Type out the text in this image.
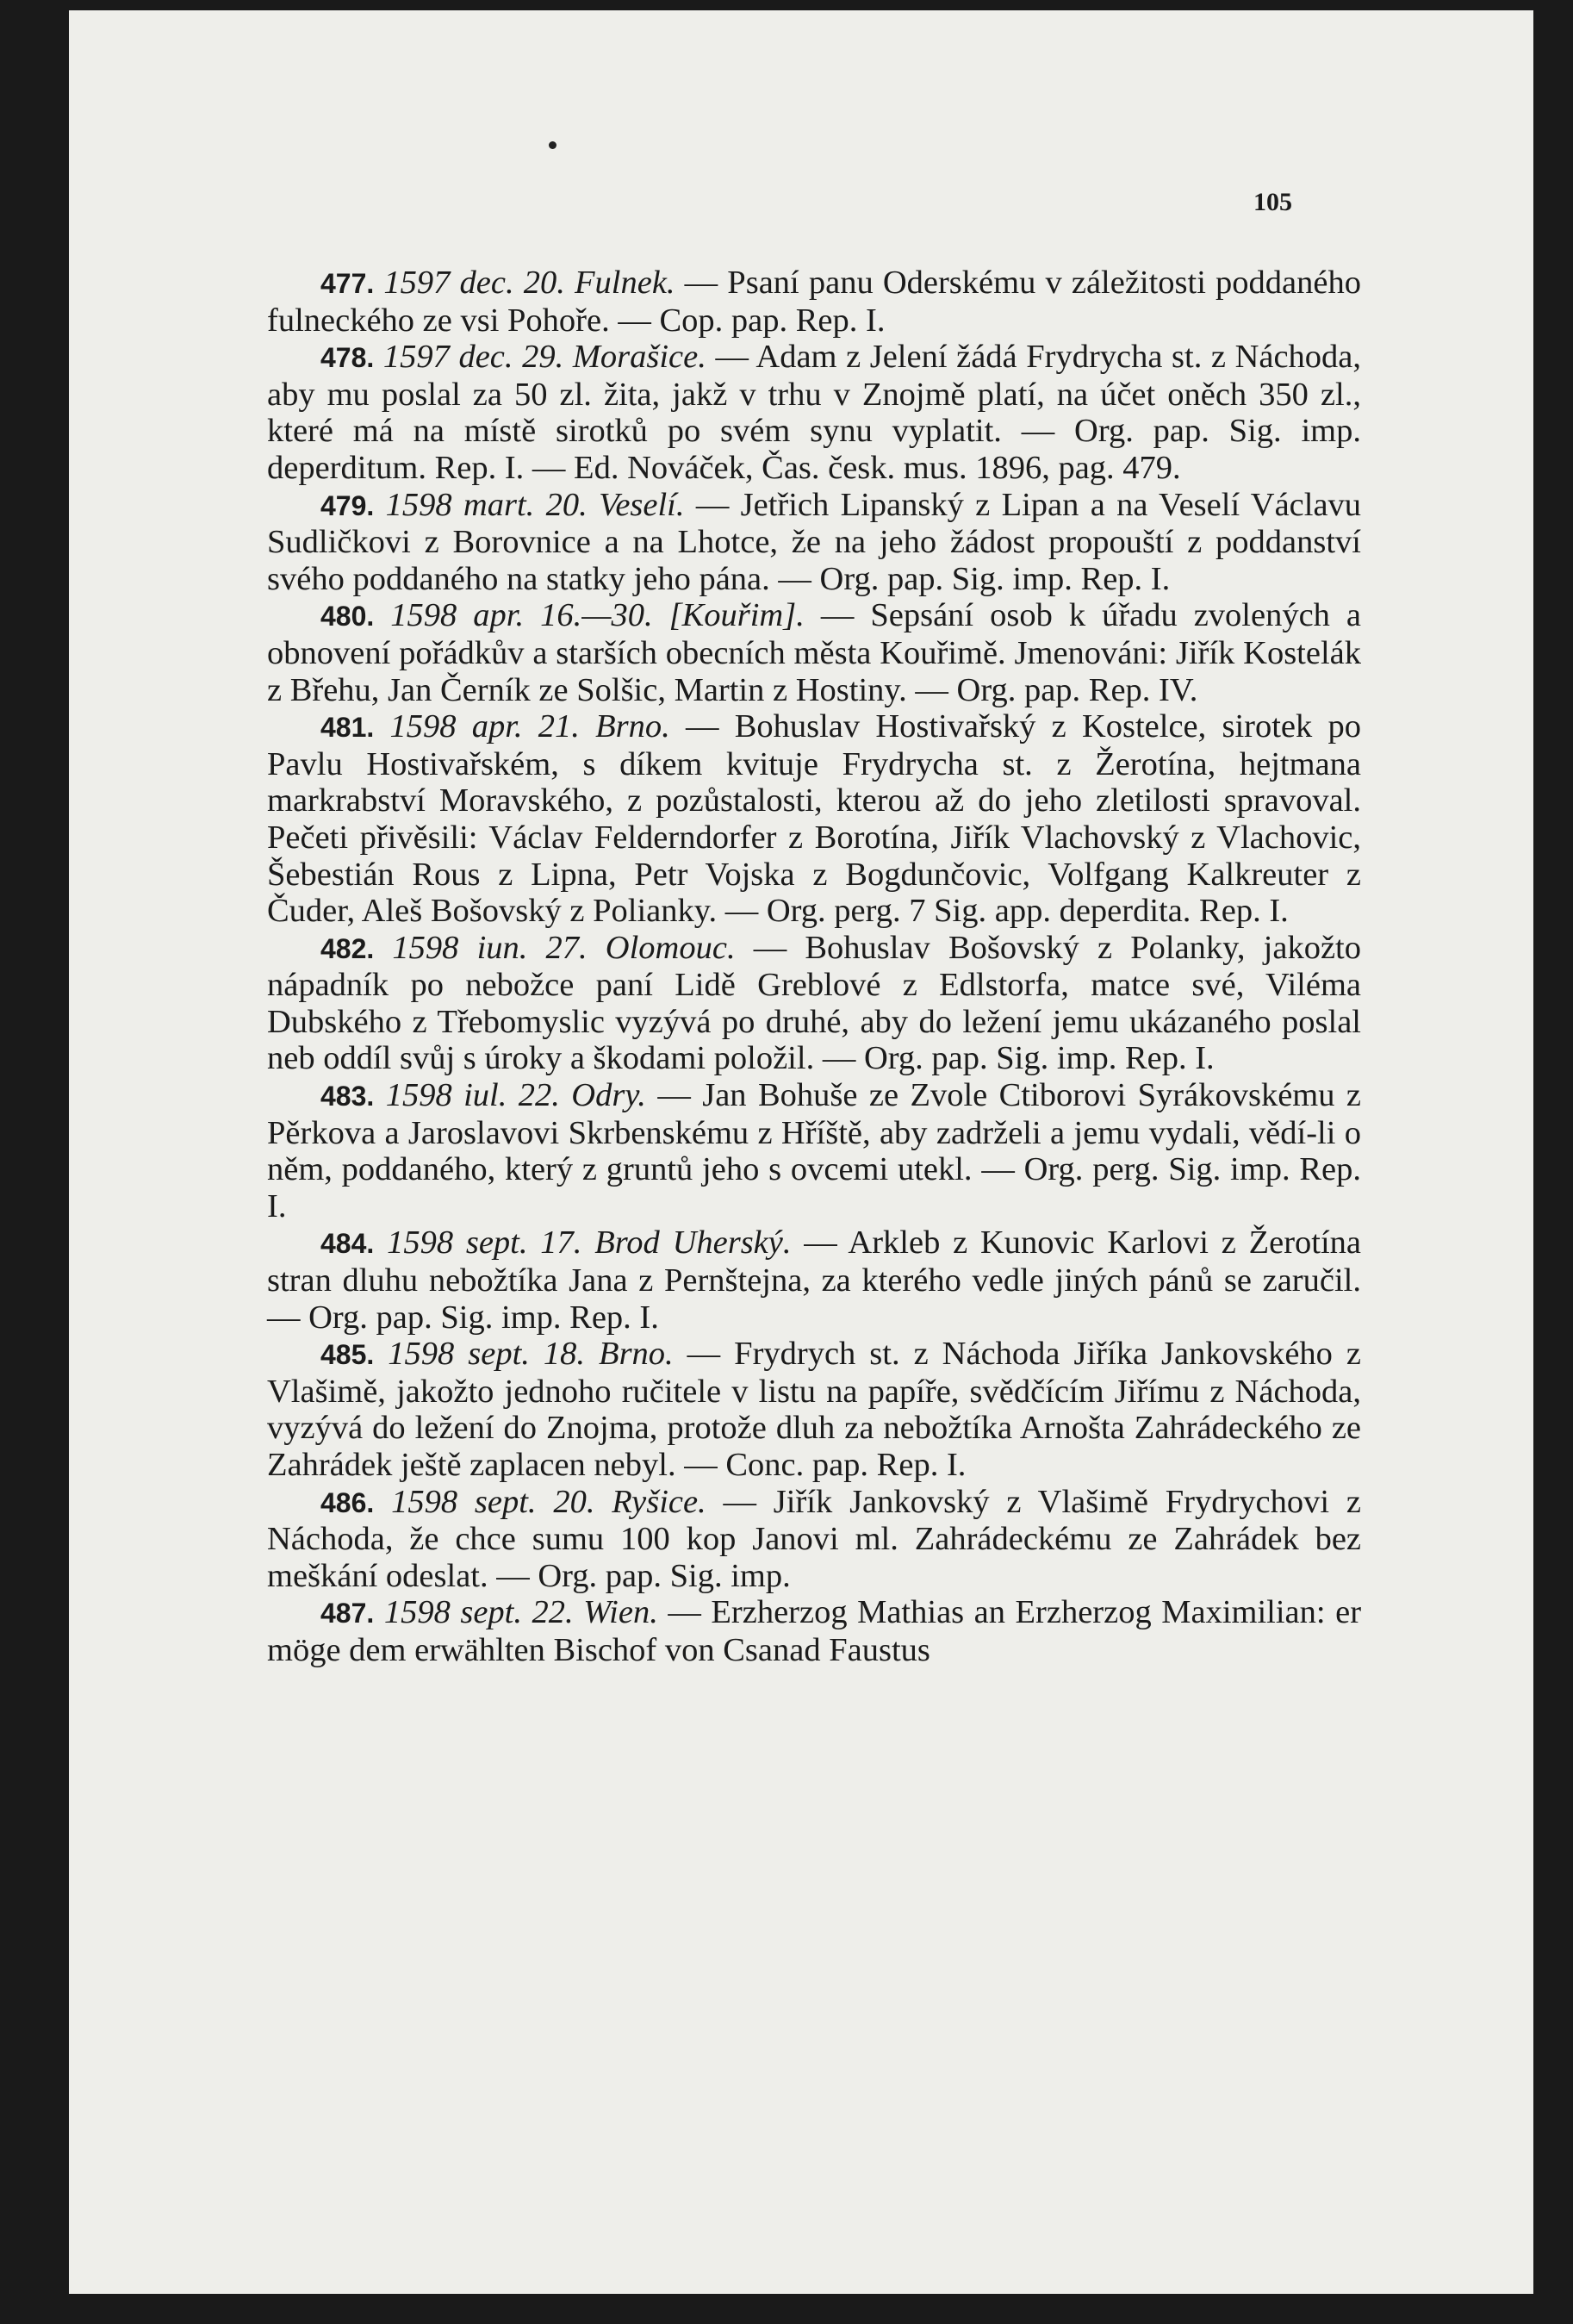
105

477. 1597 dec. 20. Fulnek. — Psaní panu Oderskému v záležitosti poddaného fulneckého ze vsi Pohoře. — Cop. pap. Rep. I.

478. 1597 dec. 29. Morašice. — Adam z Jelení žádá Frydrycha st. z Náchoda, aby mu poslal za 50 zl. žita, jakž v trhu v Znojmě platí, na účet oněch 350 zl., které má na místě sirotků po svém synu vyplatit. — Org. pap. Sig. imp. deperditum. Rep. I. — Ed. Nováček, Čas. česk. mus. 1896, pag. 479.

479. 1598 mart. 20. Veselí. — Jetřich Lipanský z Lipan a na Veselí Václavu Sudličkovi z Borovnice a na Lhotce, že na jeho žádost propouští z poddanství svého poddaného na statky jeho pána. — Org. pap. Sig. imp. Rep. I.

480. 1598 apr. 16.—30. [Kouřim]. — Sepsání osob k úřadu zvolených a obnovení pořádkův a starších obecních města Kouřimě. Jmenováni: Jiřík Kostelák z Břehu, Jan Černík ze Solšic, Martin z Hostiny. — Org. pap. Rep. IV.

481. 1598 apr. 21. Brno. — Bohuslav Hostivařský z Kostelce, sirotek po Pavlu Hostivařském, s díkem kvituje Frydrycha st. z Žerotína, hejtmana markrabství Moravského, z pozůstalosti, kterou až do jeho zletilosti spravoval. Pečeti přivěsili: Václav Felderndorfer z Borotína, Jiřík Vlachovský z Vlachovic, Šebestián Rous z Lipna, Petr Vojska z Bogdunčovic, Volfgang Kalkreuter z Čuder, Aleš Bošovský z Polianky. — Org. perg. 7 Sig. app. deperdita. Rep. I.

482. 1598 iun. 27. Olomouc. — Bohuslav Bošovský z Polanky, jakožto nápadník po nebožce paní Lidě Greblové z Edlstorfa, matce své, Viléma Dubského z Třebomyslic vyzývá po druhé, aby do ležení jemu ukázaného poslal neb oddíl svůj s úroky a škodami položil. — Org. pap. Sig. imp. Rep. I.

483. 1598 iul. 22. Odry. — Jan Bohuše ze Zvole Ctiborovi Syrákovskému z Pěrkova a Jaroslavovi Skrbenskému z Hříště, aby zadrželi a jemu vydali, vědí-li o něm, poddaného, který z gruntů jeho s ovcemi utekl. — Org. perg. Sig. imp. Rep. I.

484. 1598 sept. 17. Brod Uherský. — Arkleb z Kunovic Karlovi z Žerotína stran dluhu nebožtíka Jana z Pernštejna, za kterého vedle jiných pánů se zaručil. — Org. pap. Sig. imp. Rep. I.

485. 1598 sept. 18. Brno. — Frydrych st. z Náchoda Jiříka Jankovského z Vlašimě, jakožto jednoho ručitele v listu na papíře, svědčícím Jiřímu z Náchoda, vyzývá do ležení do Znojma, protože dluh za nebožtíka Arnošta Zahrádeckého ze Zahrádek ještě zaplacen nebyl. — Conc. pap. Rep. I.

486. 1598 sept. 20. Ryšice. — Jiřík Jankovský z Vlašimě Frydrychovi z Náchoda, že chce sumu 100 kop Janovi ml. Zahrádeckému ze Zahrádek bez meškání odeslat. — Org. pap. Sig. imp.

487. 1598 sept. 22. Wien. — Erzherzog Mathias an Erzherzog Maximilian: er möge dem erwählten Bischof von Csanad Faustus
